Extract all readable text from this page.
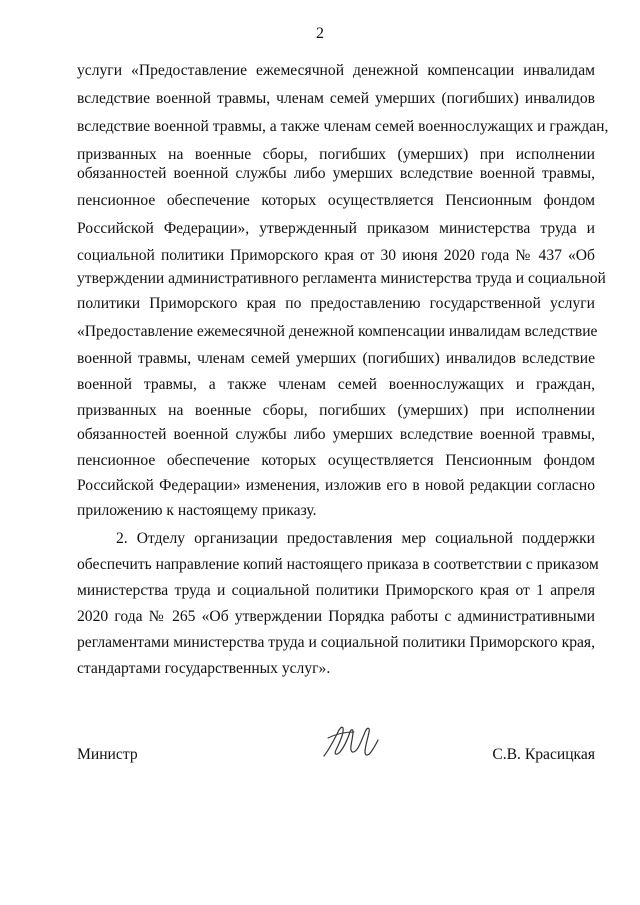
2
услуги «Предоставление ежемесячной денежной компенсации инвалидам
вследствие военной травмы, членам семей умерших (погибших) инвалидов
вследствие военной травмы, а также членам семей военнослужащих и граждан,
призванных на военные сборы, погибших (умерших) при исполнении
обязанностей военной службы либо умерших вследствие военной травмы,
пенсионное обеспечение которых осуществляется Пенсионным фондом
Российской Федерации», утвержденный приказом министерства труда и
социальной политики Приморского края от 30 июня 2020 года № 437 «Об
утверждении административного регламента министерства труда и социальной
политики Приморского края по предоставлению государственной услуги
«Предоставление ежемесячной денежной компенсации инвалидам вследствие
военной травмы, членам семей умерших (погибших) инвалидов вследствие
военной травмы, а также членам семей военнослужащих и граждан,
призванных на военные сборы, погибших (умерших) при исполнении
обязанностей военной службы либо умерших вследствие военной травмы,
пенсионное обеспечение которых осуществляется Пенсионным фондом
Российской Федерации» изменения, изложив его в новой редакции согласно
приложению к настоящему приказу.
2. Отделу организации предоставления мер социальной поддержки
обеспечить направление копий настоящего приказа в соответствии с приказом
министерства труда и социальной политики Приморского края от 1 апреля
2020 года № 265 «Об утверждении Порядка работы с административными
регламентами министерства труда и социальной политики Приморского края,
стандартами государственных услуг».
Министр	С.В. Красицкая
